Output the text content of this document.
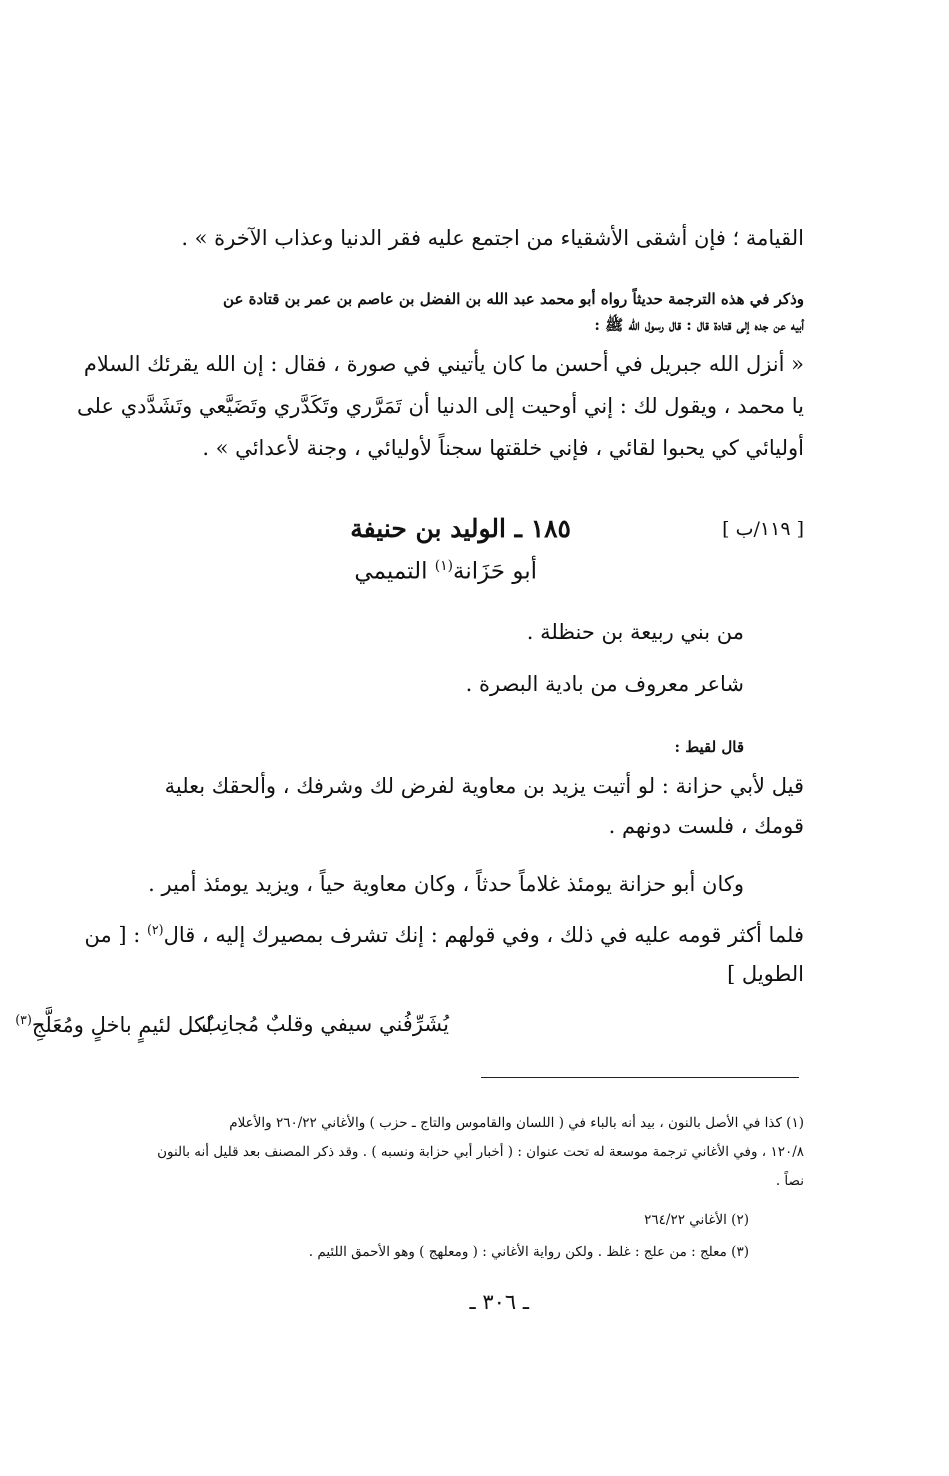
القيامة ؛ فإن أشقى الأشقياء من اجتمع عليه فقر الدنيا وعذاب الآخرة » .
وذكر في هذه الترجمة حديثاً رواه أبو محمد عبد الله بن الفضل بن عاصم بن عمر بن قتادة عن
أبيه عن جده إلى قتادة قال : قال رسول الله ﷺ :
« أنزل الله جبريل في أحسن ما كان يأتيني في صورة ، فقال : إن الله يقرئك السلام
يا محمد ، ويقول لك : إني أوحيت إلى الدنيا أن تَمَرَّري وتَكَدَّري وتَضَيَّعي وتَشَدَّدي على
أوليائي كي يحبوا لقائي ، فإني خلقتها سجناً لأوليائي ، وجنة لأعدائي » .
[ ١١٩/ب ]
١٨٥ ـ الوليد بن حنيفة
أبو حَزَانة$^{(١)}$ التميمي
من بني ربيعة بن حنظلة .
شاعر معروف من بادية البصرة .
قال لقيط :
قيل لأبي حزانة : لو أتيت يزيد بن معاوية لفرض لك وشرفك ، وألحقك بعلية
قومك ، فلست دونهم .
وكان أبو حزانة يومئذ غلاماً حدثاً ، وكان معاوية حياً ، ويزيد يومئذ أمير .
فلما أكثر قومه عليه في ذلك ، وفي قولهم : إنك تشرف بمصيرك إليه ، قال$^{(٢)}$ : [ من
الطويل ]
يُشَرِّفُني سيفي وقلبٌ مُجانِبٌ
لكل لئيمٍ باخلٍ ومُعَلَّجِ$^{(٣)}$
(١) كذا في الأصل بالنون ، بيد أنه بالباء في ( اللسان والقاموس والتاج ـ حزب ) والأغاني ٢٦٠/٢٢ والأعلام
١٢٠/٨ ، وفي الأغاني ترجمة موسعة له تحت عنوان : ( أخبار أبي حزابة ونسبه ) . وقد ذكر المصنف بعد قليل أنه بالنون
نصاً .
(٢) الأغاني ٢٦٤/٢٢
(٣) معلج : من علج : غلظ . ولكن رواية الأغاني : ( ومعلهج ) وهو الأحمق اللئيم .
ـ ٣٠٦ ـ
